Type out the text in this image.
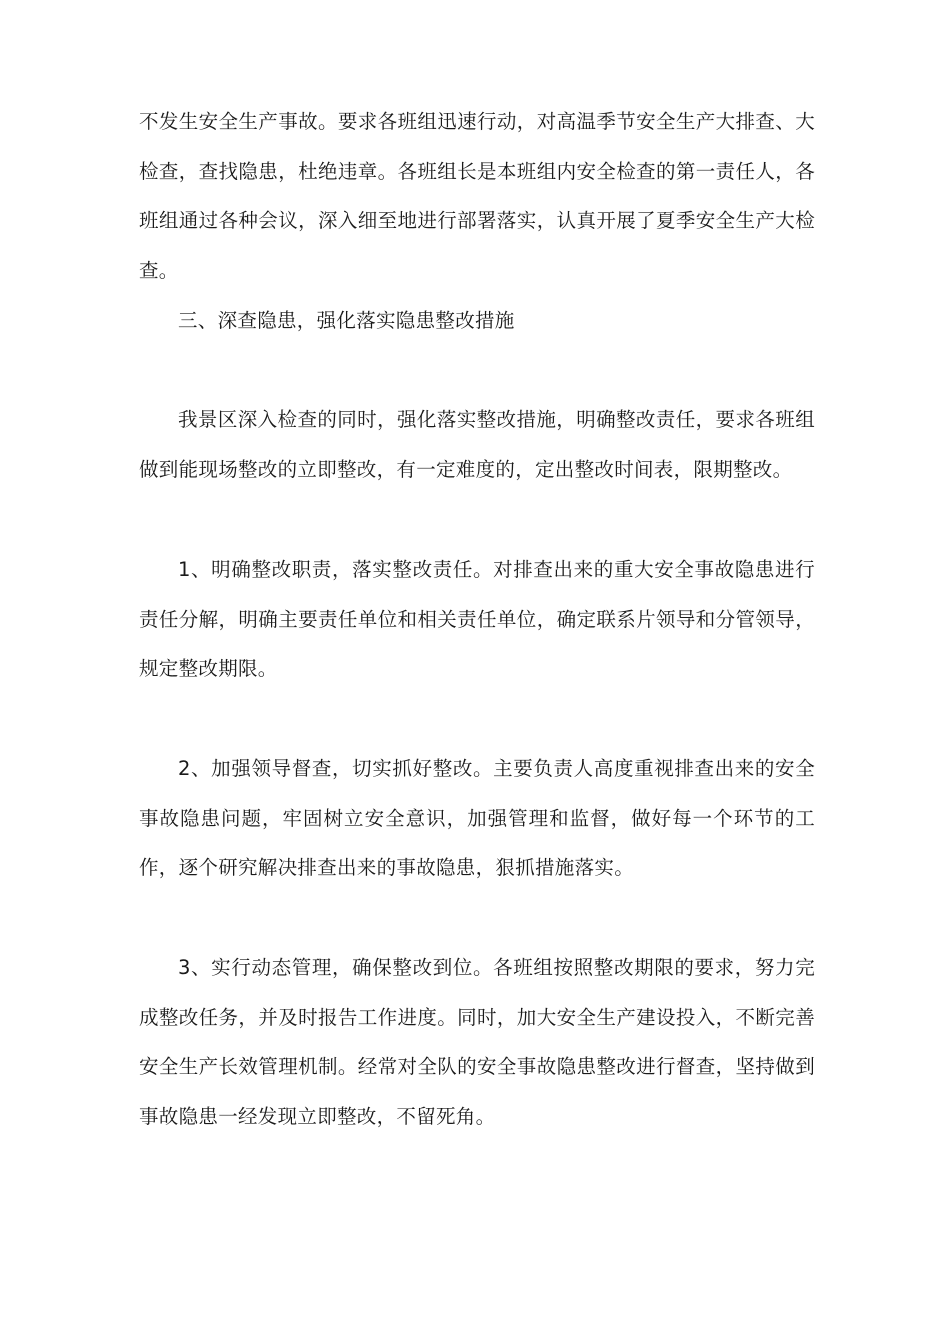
不发生安全生产事故。要求各班组迅速行动，对高温季节安全生产大排查、大检查，查找隐患，杜绝违章。各班组长是本班组内安全检查的第一责任人，各班组通过各种会议，深入细至地进行部署落实，认真开展了夏季安全生产大检查。

三、深查隐患，强化落实隐患整改措施

我景区深入检查的同时，强化落实整改措施，明确整改责任，要求各班组做到能现场整改的立即整改，有一定难度的，定出整改时间表，限期整改。

1、明确整改职责，落实整改责任。对排查出来的重大安全事故隐患进行责任分解，明确主要责任单位和相关责任单位，确定联系片领导和分管领导，规定整改期限。

2、加强领导督查，切实抓好整改。主要负责人高度重视排查出来的安全事故隐患问题，牢固树立安全意识，加强管理和监督，做好每一个环节的工作，逐个研究解决排查出来的事故隐患，狠抓措施落实。

3、实行动态管理，确保整改到位。各班组按照整改期限的要求，努力完成整改任务，并及时报告工作进度。同时，加大安全生产建设投入，不断完善安全生产长效管理机制。经常对全队的安全事故隐患整改进行督查，坚持做到事故隐患一经发现立即整改，不留死角。
